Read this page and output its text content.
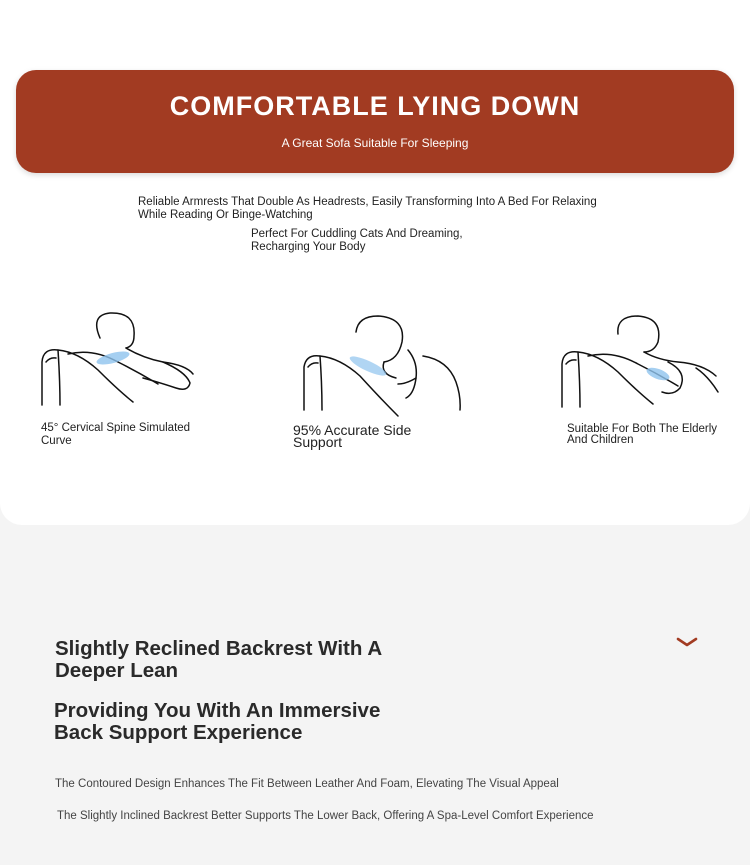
COMFORTABLE LYING DOWN
A Great Sofa Suitable For Sleeping
Reliable Armrests That Double As Headrests, Easily Transforming Into A Bed For Relaxing While Reading Or Binge-Watching
Perfect For Cuddling Cats And Dreaming, Recharging Your Body
45° Cervical Spine Simulated Curve
95% Accurate Side Support
Suitable For Both The Elderly And Children
Slightly Reclined Backrest With A Deeper Lean
Providing You With An Immersive Back Support Experience
The Contoured Design Enhances The Fit Between Leather And Foam, Elevating The Visual Appeal
The Slightly Inclined Backrest Better Supports The Lower Back, Offering A Spa-Level Comfort Experience
